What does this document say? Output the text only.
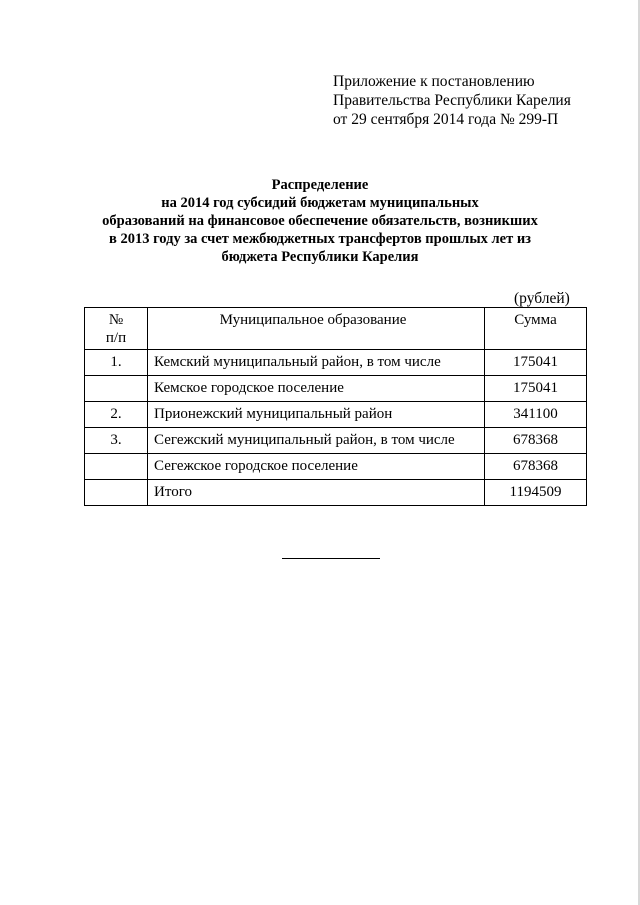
Приложение к постановлению
Правительства Республики Карелия
от 29 сентября 2014 года № 299-П
Распределение
на 2014 год субсидий бюджетам муниципальных
образований на финансовое обеспечение обязательств, возникших
в 2013 году за счет межбюджетных трансфертов прошлых лет из
бюджета Республики Карелия
(рублей)
№
п/п	Муниципальное образование	Сумма
1.	Кемский муниципальный район, в том числе	175041
	Кемское городское поселение	175041
2.	Прионежский муниципальный район	341100
3.	Сегежский муниципальный район, в том числе	678368
	Сегежское городское поселение	678368
	Итого	1194509
